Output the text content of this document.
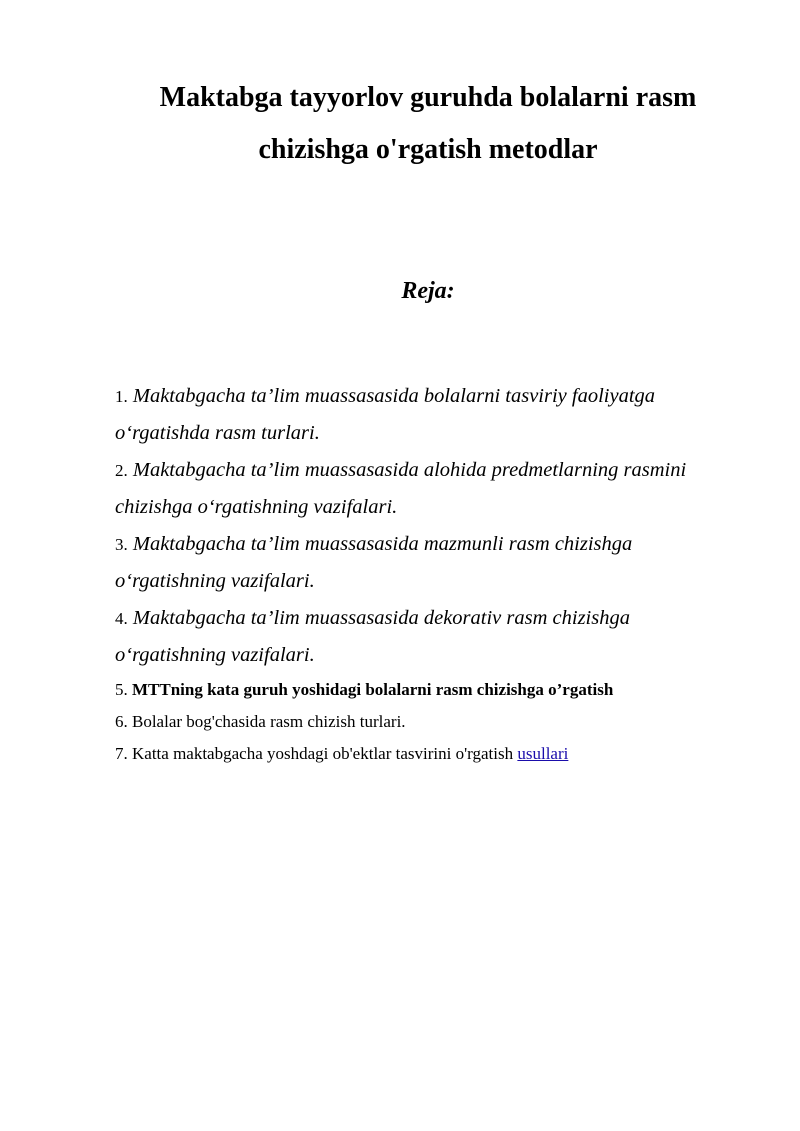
Maktabga tayyorlov guruhda bolalarni rasm
chizishga o'rgatish metodlar
Reja:
1. Maktabgacha ta’lim muassasasida bolalarni tasviriy faoliyatga o‘rgatishda rasm turlari.
2. Maktabgacha ta’lim muassasasida alohida predmetlarning rasmini chizishga o‘rgatishning vazifalari.
3. Maktabgacha ta’lim muassasasida mazmunli rasm chizishga o‘rgatishning vazifalari.
4. Maktabgacha ta’lim muassasasida dekorativ rasm chizishga o‘rgatishning vazifalari.
5. MTTning kata guruh yoshidagi bolalarni rasm chizishga o’rgatish
6. Bolalar bog'chasida rasm chizish turlari.
7. Katta maktabgacha yoshdagi ob'ektlar tasvirini o'rgatish usullari
